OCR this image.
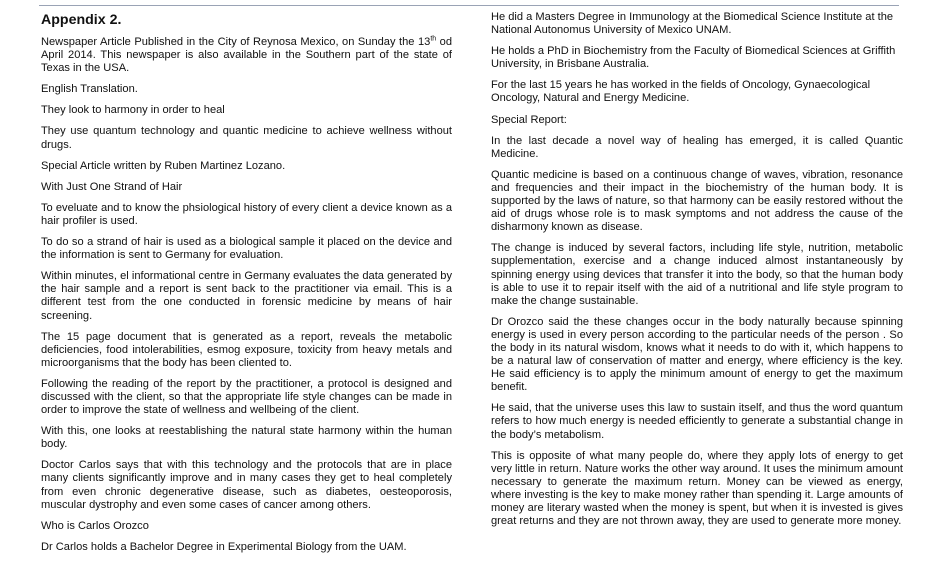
Appendix 2.
Newspaper Article Published in the City of Reynosa Mexico, on Sunday the 13th od April 2014. This newspaper is also available in the Southern part of the state of Texas in the USA.
English Translation.
They look to harmony in order to heal
They use quantum technology and quantic medicine to achieve wellness without drugs.
Special Article written by Ruben Martinez Lozano.
With Just One Strand of Hair
To eveluate and to know the phsiological history of every client a device known as a hair profiler is used.
To do so a strand of hair is used as a biological sample it placed on the device and the information is sent to Germany for evaluation.
Within minutes, el informational centre in Germany evaluates the data generated by the hair sample and a report is sent back to the practitioner via email. This is a different test from the one conducted in forensic medicine by means of hair screening.
The 15 page document that is generated as a report, reveals the metabolic deficiencies, food intolerabilities, esmog exposure, toxicity from heavy metals and microorganisms that the body has been cliented to.
Following the reading of the report by the practitioner, a protocol is designed and discussed with the client, so that the appropriate life style changes can be made in order to improve the state of wellness and wellbeing of the client.
With this, one looks at reestablishing the natural state harmony within the human body.
Doctor Carlos says that with this technology and the protocols that are in place many clients significantly improve and in many cases they get to heal completely from even chronic degenerative disease, such as diabetes, oesteoporosis, muscular dystrophy and even some cases of cancer among others.
Who is Carlos Orozco
Dr Carlos holds a Bachelor Degree in Experimental Biology from the UAM.
He did a Masters Degree in Immunology at the Biomedical Science Institute at the National Autonomus University of Mexico UNAM.
He holds a PhD in Biochemistry from the Faculty of Biomedical Sciences at Griffith University, in Brisbane Australia.
For the last 15 years he has worked in the fields of Oncology, Gynaecological Oncology, Natural and Energy Medicine.
Special Report:
In the last decade a novel way of healing has emerged, it is called Quantic Medicine.
Quantic medicine is based on a continuous change of waves, vibration, resonance and frequencies and their impact in the biochemistry of the human body. It is supported by the laws of nature, so that harmony can be easily restored without the aid of drugs whose role is to mask symptoms and not address the cause of the disharmony known as disease.
The change is induced by several factors, including life style, nutrition, metabolic supplementation, exercise and a change induced almost instantaneously by spinning energy using devices that transfer it into the body, so that the human body is able to use it to repair itself with the aid of a nutritional and life style program to make the change sustainable.
Dr Orozco said the these changes occur in the body naturally because spinning energy is used in every person according to the particular needs of the person . So the body in its natural wisdom, knows what it needs to do with it, which happens to be a natural law of conservation of matter and energy, where efficiency is the key. He said efficiency is to apply the minimum amount of energy to get the maximum benefit.
He said, that the universe uses this law to sustain itself, and thus the word quantum refers to how much energy is needed efficiently to generate a substantial change in the body’s metabolism.
This is opposite of what many people do, where they apply lots of energy to get very little in return. Nature works the other way around. It uses the minimum amount necessary to generate the maximum return. Money can be viewed as energy, where investing is the key to make money rather than spending it. Large amounts of money are literary wasted when the money is spent, but when it is invested is gives great returns and they are not thrown away, they are used to generate more money.
